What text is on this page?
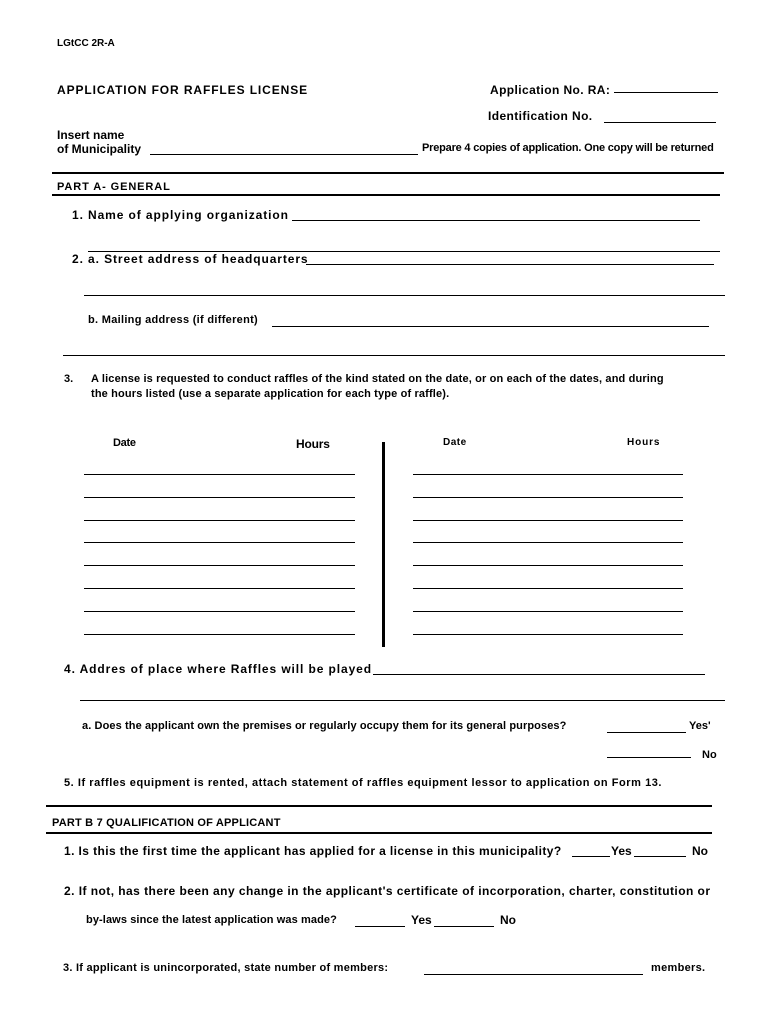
LGtCC 2R-A
APPLICATION FOR RAFFLES LICENSE	Application No. RA:
Identification No.
Insert name
of Municipality	Prepare 4 copies of application. One copy will be returned
PART A- GENERAL
1. Name of applying organization
2. a. Street address of headquarters
b. Mailing address (if different)
3. A license is requested to conduct raffles of the kind stated on the date, or on each of the dates, and during
the hours listed (use a separate application for each type of raffle).
Date	Hours	Date	Hours
4. Addres of place where Raffles will be played
a. Does the applicant own the premises or regularly occupy them for its general purposes?	Yes'
No
5. If raffles equipment is rented, attach statement of raffles equipment lessor to application on Form 13.
PART B 7 QUALIFICATION OF APPLICANT
1. Is this the first time the applicant has applied for a license in this municipality?	Yes	No
2. If not, has there been any change in the applicant's certificate of incorporation, charter, constitution or
by-laws since the latest application was made?	Yes	No
3. If applicant is unincorporated, state number of members:	members.
